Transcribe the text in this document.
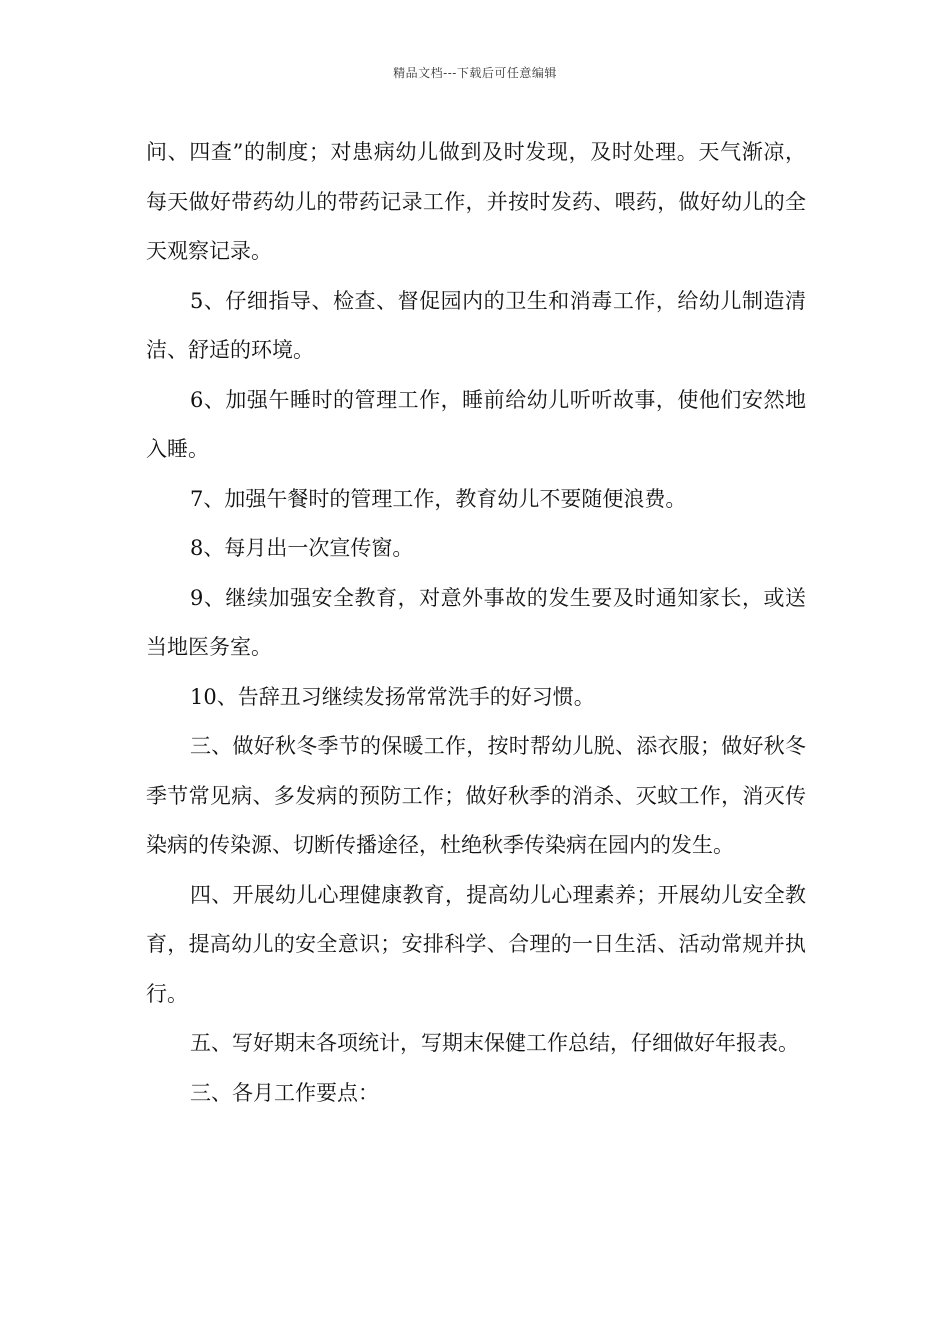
精品文档---下载后可任意编辑

问、四查”的制度；对患病幼儿做到及时发现，及时处理。天气渐凉，每天做好带药幼儿的带药记录工作，并按时发药、喂药，做好幼儿的全天观察记录。

5、仔细指导、检查、督促园内的卫生和消毒工作，给幼儿制造清洁、舒适的环境。

6、加强午睡时的管理工作，睡前给幼儿听听故事，使他们安然地入睡。

7、加强午餐时的管理工作，教育幼儿不要随便浪费。

8、每月出一次宣传窗。

9、继续加强安全教育，对意外事故的发生要及时通知家长，或送当地医务室。

10、告辞丑习继续发扬常常洗手的好习惯。

三、做好秋冬季节的保暖工作，按时帮幼儿脱、添衣服；做好秋冬季节常见病、多发病的预防工作；做好秋季的消杀、灭蚊工作，消灭传染病的传染源、切断传播途径，杜绝秋季传染病在园内的发生。

四、开展幼儿心理健康教育，提高幼儿心理素养；开展幼儿安全教育，提高幼儿的安全意识；安排科学、合理的一日生活、活动常规并执行。

五、写好期末各项统计，写期末保健工作总结，仔细做好年报表。

三、各月工作要点：
